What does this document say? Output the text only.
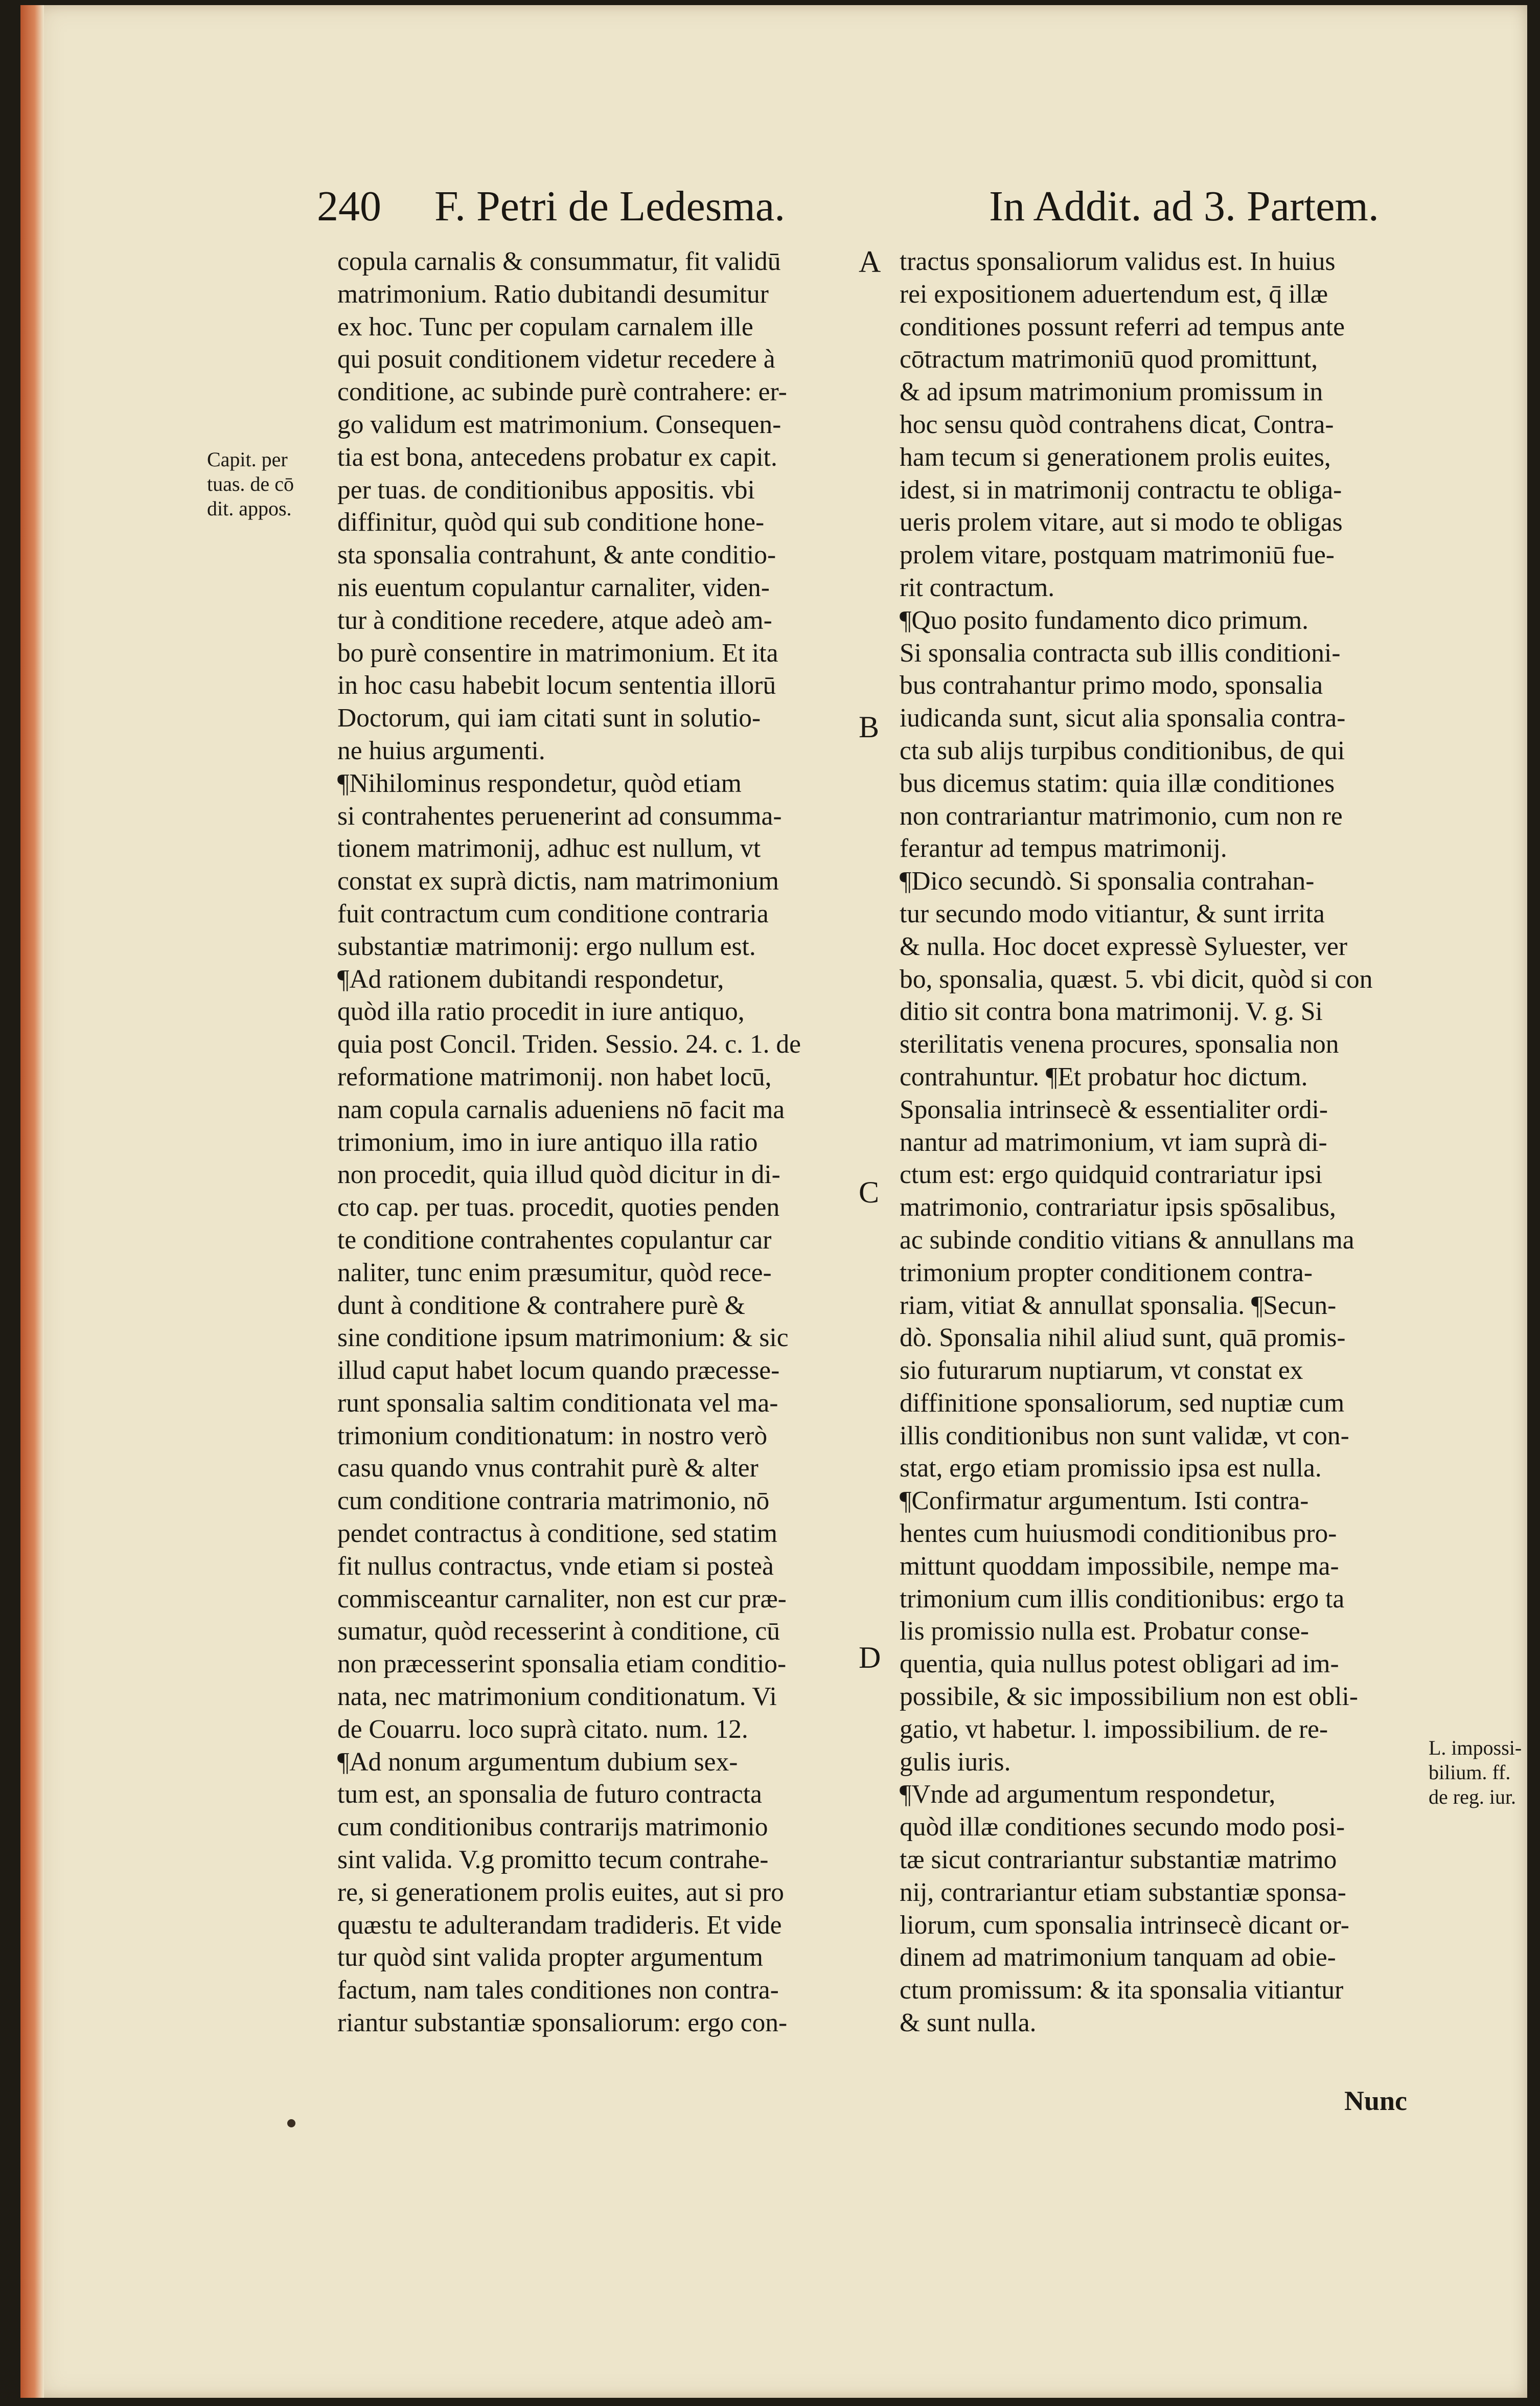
240 F. Petri de Ledesma.	In Addit. ad 3. Partem.
Capit. per
tuas. de cō
dit. appos.
L. impossi-
bilium. ff.
de reg. iur.
A
B
C
D
copula carnalis & consummatur, fit validū
matrimonium. Ratio dubitandi desumitur
ex hoc. Tunc per copulam carnalem ille
qui posuit conditionem videtur recedere à
conditione, ac subinde purè contrahere: er-
go validum est matrimonium. Consequen-
tia est bona, antecedens probatur ex capit.
per tuas. de conditionibus appositis. vbi
diffinitur, quòd qui sub conditione hone-
sta sponsalia contrahunt, & ante conditio-
nis euentum copulantur carnaliter, viden-
tur à conditione recedere, atque adeò am-
bo purè consentire in matrimonium. Et ita
in hoc casu habebit locum sententia illorū
Doctorum, qui iam citati sunt in solutio-
ne huius argumenti.
¶Nihilominus respondetur, quòd etiam
si contrahentes peruenerint ad consumma-
tionem matrimonij, adhuc est nullum, vt
constat ex suprà dictis, nam matrimonium
fuit contractum cum conditione contraria
substantiæ matrimonij: ergo nullum est.
¶Ad rationem dubitandi respondetur,
quòd illa ratio procedit in iure antiquo,
quia post Concil. Triden. Sessio. 24. c. 1. de
reformatione matrimonij. non habet locū,
nam copula carnalis adueniens nō facit ma
trimonium, imo in iure antiquo illa ratio
non procedit, quia illud quòd dicitur in di-
cto cap. per tuas. procedit, quoties penden
te conditione contrahentes copulantur car
naliter, tunc enim præsumitur, quòd rece-
dunt à conditione & contrahere purè &
sine conditione ipsum matrimonium: & sic
illud caput habet locum quando præcesse-
runt sponsalia saltim conditionata vel ma-
trimonium conditionatum: in nostro verò
casu quando vnus contrahit purè & alter
cum conditione contraria matrimonio, nō
pendet contractus à conditione, sed statim
fit nullus contractus, vnde etiam si posteà
commisceantur carnaliter, non est cur præ-
sumatur, quòd recesserint à conditione, cū
non præcesserint sponsalia etiam conditio-
nata, nec matrimonium conditionatum. Vi
de Couarru. loco suprà citato. num. 12.
¶Ad nonum argumentum dubium sex-
tum est, an sponsalia de futuro contracta
cum conditionibus contrarijs matrimonio
sint valida. V.g promitto tecum contrahe-
re, si generationem prolis euites, aut si pro
quæstu te adulterandam tradideris. Et vide
tur quòd sint valida propter argumentum
factum, nam tales conditiones non contra-
riantur substantiæ sponsaliorum: ergo con-
tractus sponsaliorum validus est. In huius
rei expositionem aduertendum est, q̄ illæ
conditiones possunt referri ad tempus ante
cōtractum matrimoniū quod promittunt,
& ad ipsum matrimonium promissum in
hoc sensu quòd contrahens dicat, Contra-
ham tecum si generationem prolis euites,
idest, si in matrimonij contractu te obliga-
ueris prolem vitare, aut si modo te obligas
prolem vitare, postquam matrimoniū fue-
rit contractum.
¶Quo posito fundamento dico primum.
Si sponsalia contracta sub illis conditioni-
bus contrahantur primo modo, sponsalia
iudicanda sunt, sicut alia sponsalia contra-
cta sub alijs turpibus conditionibus, de qui
bus dicemus statim: quia illæ conditiones
non contrariantur matrimonio, cum non re
ferantur ad tempus matrimonij.
¶Dico secundò. Si sponsalia contrahan-
tur secundo modo vitiantur, & sunt irrita
& nulla. Hoc docet expressè Syluester, ver
bo, sponsalia, quæst. 5. vbi dicit, quòd si con
ditio sit contra bona matrimonij. V. g. Si
sterilitatis venena procures, sponsalia non
contrahuntur. ¶Et probatur hoc dictum.
Sponsalia intrinsecè & essentialiter ordi-
nantur ad matrimonium, vt iam suprà di-
ctum est: ergo quidquid contrariatur ipsi
matrimonio, contrariatur ipsis spōsalibus,
ac subinde conditio vitians & annullans ma
trimonium propter conditionem contra-
riam, vitiat & annullat sponsalia. ¶Secun-
dò. Sponsalia nihil aliud sunt, quā promis-
sio futurarum nuptiarum, vt constat ex
diffinitione sponsaliorum, sed nuptiæ cum
illis conditionibus non sunt validæ, vt con-
stat, ergo etiam promissio ipsa est nulla.
¶Confirmatur argumentum. Isti contra-
hentes cum huiusmodi conditionibus pro-
mittunt quoddam impossibile, nempe ma-
trimonium cum illis conditionibus: ergo ta
lis promissio nulla est. Probatur conse-
quentia, quia nullus potest obligari ad im-
possibile, & sic impossibilium non est obli-
gatio, vt habetur. l. impossibilium. de re-
gulis iuris.
¶Vnde ad argumentum respondetur,
quòd illæ conditiones secundo modo posi-
tæ sicut contrariantur substantiæ matrimo
nij, contrariantur etiam substantiæ sponsa-
liorum, cum sponsalia intrinsecè dicant or-
dinem ad matrimonium tanquam ad obie-
ctum promissum: & ita sponsalia vitiantur
& sunt nulla.
Nunc
